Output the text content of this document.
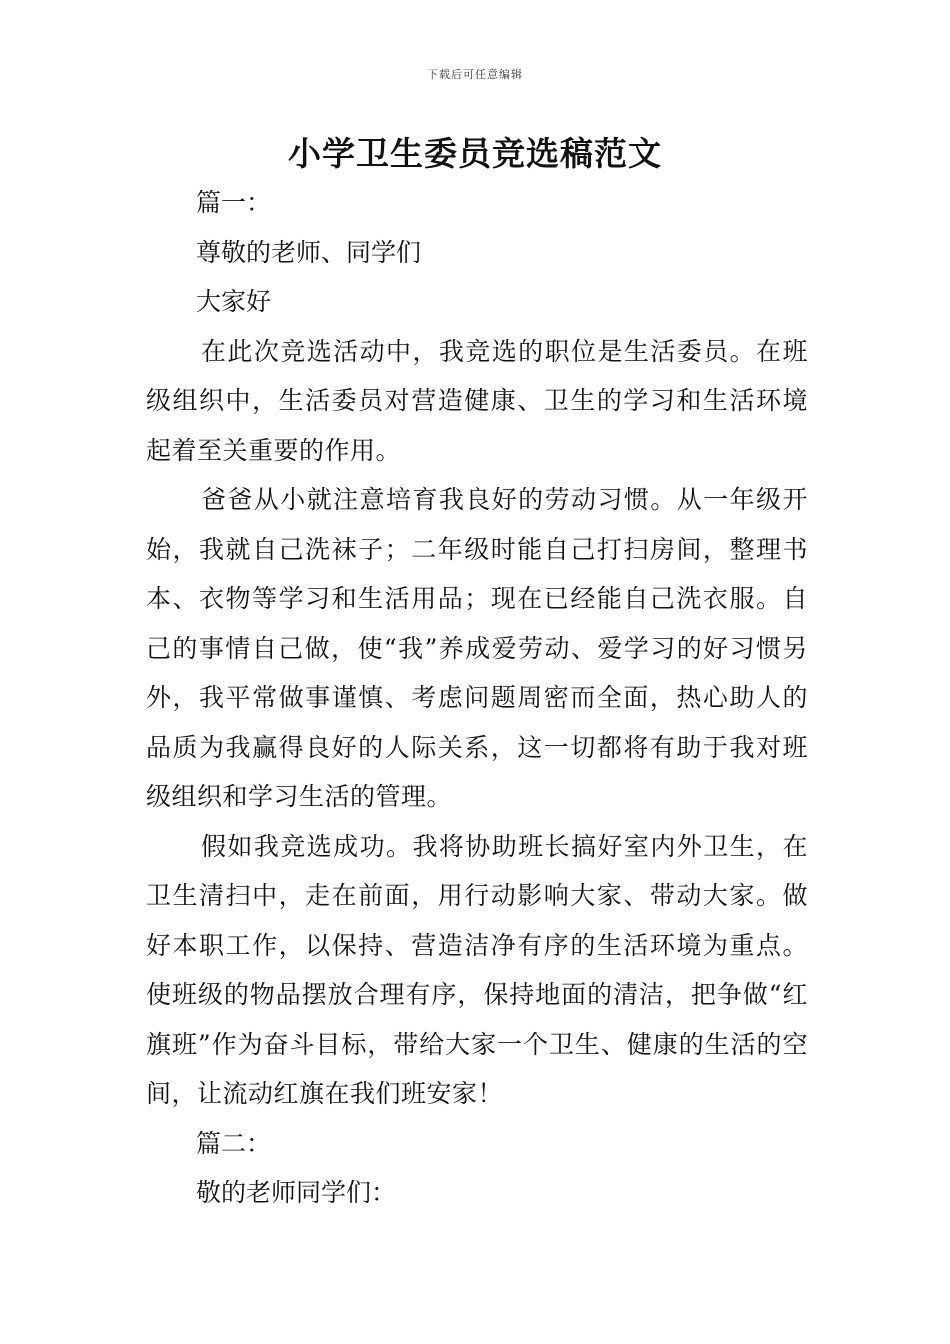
下载后可任意编辑
小学卫生委员竞选稿范文
篇一：
尊敬的老师、同学们
大家好
在此次竞选活动中，我竞选的职位是生活委员。在班级组织中，生活委员对营造健康、卫生的学习和生活环境起着至关重要的作用。
爸爸从小就注意培育我良好的劳动习惯。从一年级开始，我就自己洗袜子；二年级时能自己打扫房间，整理书本、衣物等学习和生活用品；现在已经能自己洗衣服。自己的事情自己做，使“我”养成爱劳动、爱学习的好习惯另外，我平常做事谨慎、考虑问题周密而全面，热心助人的品质为我赢得良好的人际关系，这一切都将有助于我对班级组织和学习生活的管理。
假如我竞选成功。我将协助班长搞好室内外卫生，在卫生清扫中，走在前面，用行动影响大家、带动大家。做好本职工作，以保持、营造洁净有序的生活环境为重点。使班级的物品摆放合理有序，保持地面的清洁，把争做“红旗班”作为奋斗目标，带给大家一个卫生、健康的生活的空间，让流动红旗在我们班安家！
篇二：
敬的老师同学们：
